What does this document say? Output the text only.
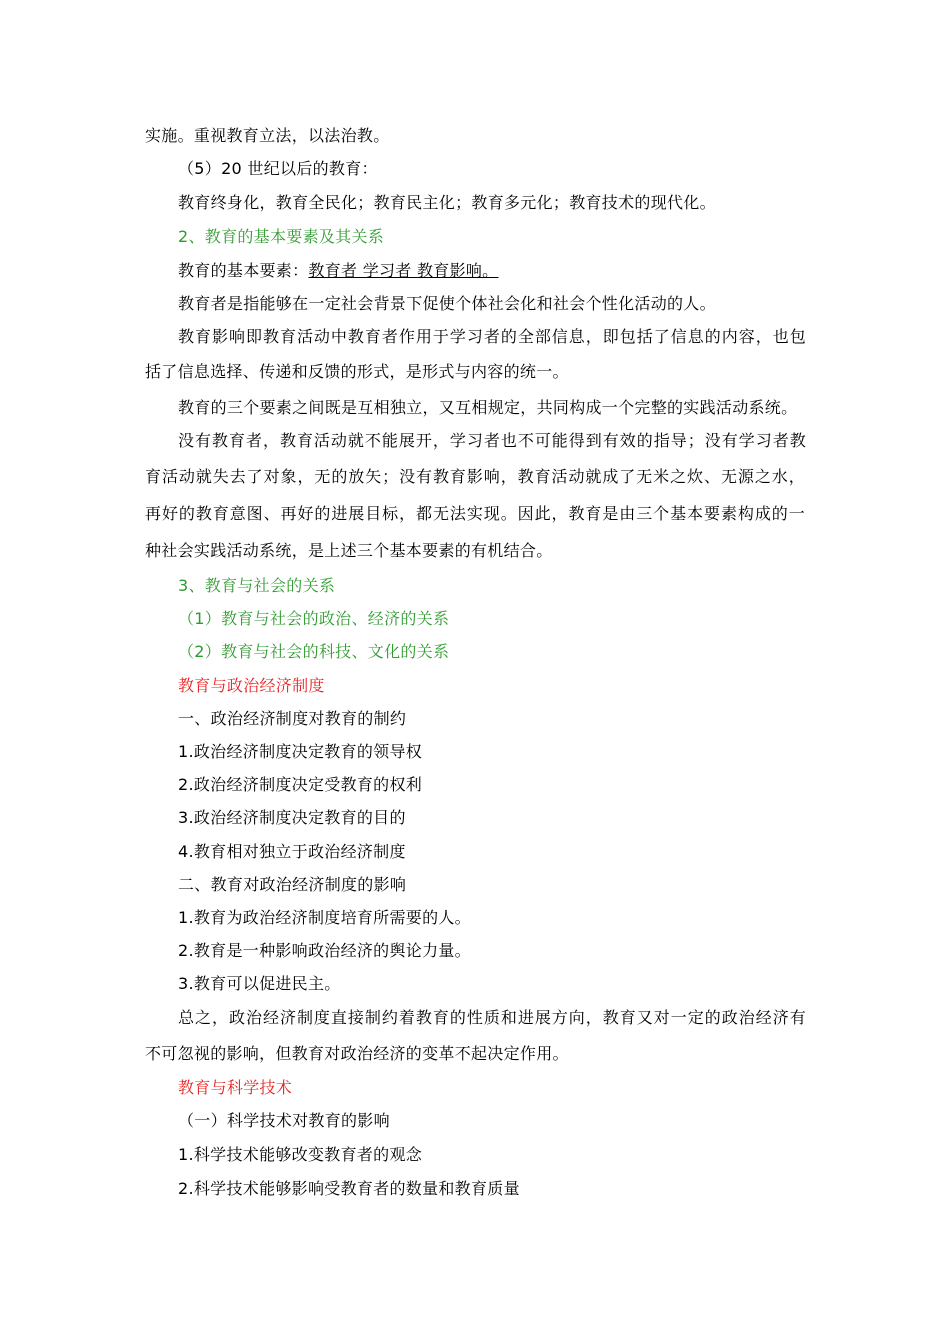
实施。重视教育立法，以法治教。
（5）20 世纪以后的教育：
教育终身化，教育全民化；教育民主化；教育多元化；教育技术的现代化。
2、教育的基本要素及其关系
教育的基本要素：教育者 学习者 教育影响。
教育者是指能够在一定社会背景下促使个体社会化和社会个性化活动的人。
教育影响即教育活动中教育者作用于学习者的全部信息，即包括了信息的内容，也包
括了信息选择、传递和反馈的形式，是形式与内容的统一。
教育的三个要素之间既是互相独立，又互相规定，共同构成一个完整的实践活动系统。
没有教育者，教育活动就不能展开，学习者也不可能得到有效的指导；没有学习者教
育活动就失去了对象，无的放矢；没有教育影响，教育活动就成了无米之炊、无源之水，
再好的教育意图、再好的进展目标，都无法实现。因此，教育是由三个基本要素构成的一
种社会实践活动系统，是上述三个基本要素的有机结合。
3、教育与社会的关系
（1）教育与社会的政治、经济的关系
（2）教育与社会的科技、文化的关系
教育与政治经济制度
一、政治经济制度对教育的制约
1.政治经济制度决定教育的领导权
2.政治经济制度决定受教育的权利
3.政治经济制度决定教育的目的
4.教育相对独立于政治经济制度
二、教育对政治经济制度的影响
1.教育为政治经济制度培育所需要的人。
2.教育是一种影响政治经济的舆论力量。
3.教育可以促进民主。
总之，政治经济制度直接制约着教育的性质和进展方向，教育又对一定的政治经济有
不可忽视的影响，但教育对政治经济的变革不起决定作用。
教育与科学技术
（一）科学技术对教育的影响
1.科学技术能够改变教育者的观念
2.科学技术能够影响受教育者的数量和教育质量
